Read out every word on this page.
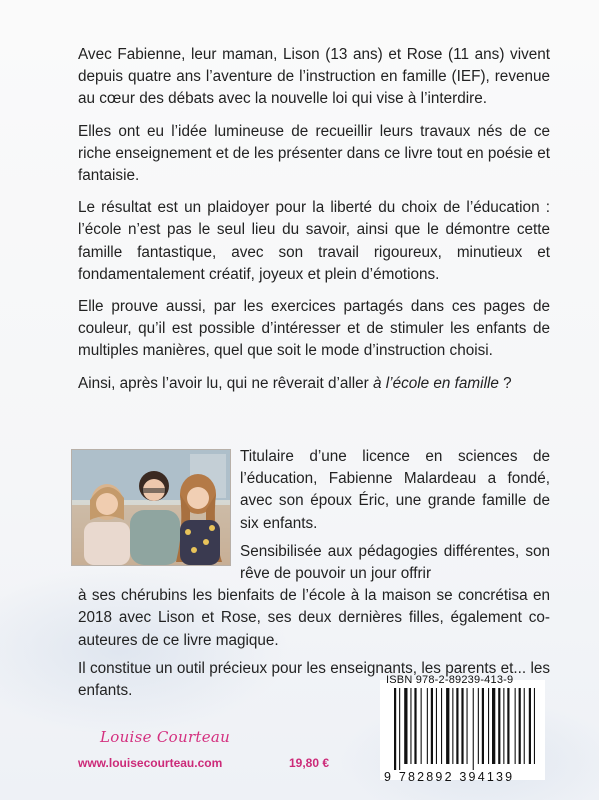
Avec Fabienne, leur maman, Lison (13 ans) et Rose (11 ans) vivent depuis quatre ans l’aventure de l’instruction en famille (IEF), revenue au cœur des débats avec la nouvelle loi qui vise à l’interdire.

Elles ont eu l’idée lumineuse de recueillir leurs travaux nés de ce riche enseignement et de les présenter dans ce livre tout en poésie et fantaisie.

Le résultat est un plaidoyer pour la liberté du choix de l’éducation : l’école n’est pas le seul lieu du savoir, ainsi que le démontre cette famille fantastique, avec son travail rigoureux, minutieux et fondamentalement créatif, joyeux et plein d’émotions.

Elle prouve aussi, par les exercices partagés dans ces pages de couleur, qu’il est possible d’intéresser et de stimuler les enfants de multiples manières, quel que soit le mode d’instruction choisi.

Ainsi, après l’avoir lu, qui ne rêverait d’aller à l’école en famille ?

Titulaire d’une licence en sciences de l’éducation, Fabienne Malardeau a fondé, avec son époux Éric, une grande famille de six enfants.

Sensibilisée aux pédagogies différentes, son rêve de pouvoir un jour offrir
à ses chérubins les bienfaits de l’école à la maison se concrétisa en 2018 avec Lison et Rose, ses deux dernières filles, également co-auteures de ce livre magique.

Il constitue un outil précieux pour les enseignants, les parents et... les enfants.

ISBN 978-2-89239-413-9
9 782892 394139
Louise Courteau
www.louisecourteau.com	19,80 €
